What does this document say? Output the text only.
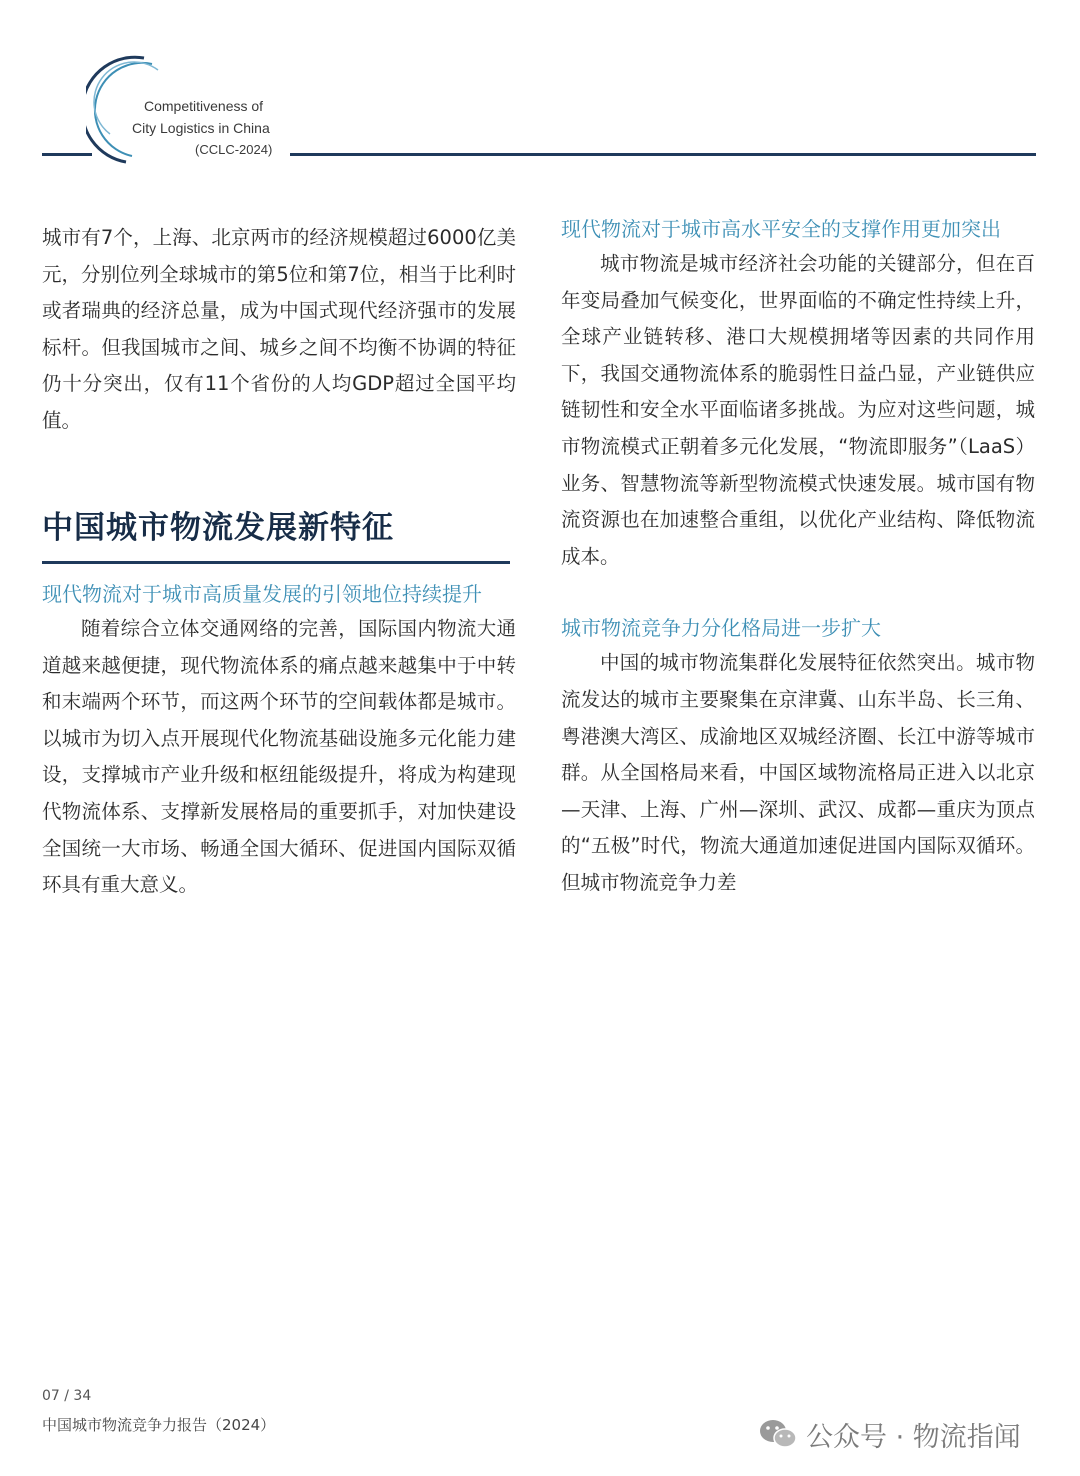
Competitiveness of
City Logistics in China
(CCLC-2024)

城市有7个，上海、北京两市的经济规模超过6000亿美元，分别位列全球城市的第5位和第7位，相当于比利时或者瑞典的经济总量，成为中国式现代经济强市的发展标杆。但我国城市之间、城乡之间不均衡不协调的特征仍十分突出，仅有11个省份的人均GDP超过全国平均值。

中国城市物流发展新特征

现代物流对于城市高质量发展的引领地位持续提升

随着综合立体交通网络的完善，国际国内物流大通道越来越便捷，现代物流体系的痛点越来越集中于中转和末端两个环节，而这两个环节的空间载体都是城市。以城市为切入点开展现代化物流基础设施多元化能力建设，支撑城市产业升级和枢纽能级提升，将成为构建现代物流体系、支撑新发展格局的重要抓手，对加快建设全国统一大市场、畅通全国大循环、促进国内国际双循环具有重大意义。

现代物流对于城市高水平安全的支撑作用更加突出

城市物流是城市经济社会功能的关键部分，但在百年变局叠加气候变化，世界面临的不确定性持续上升，全球产业链转移、港口大规模拥堵等因素的共同作用下，我国交通物流体系的脆弱性日益凸显，产业链供应链韧性和安全水平面临诸多挑战。为应对这些问题，城市物流模式正朝着多元化发展，“物流即服务”（LaaS）业务、智慧物流等新型物流模式快速发展。城市国有物流资源也在加速整合重组，以优化产业结构、降低物流成本。

城市物流竞争力分化格局进一步扩大

中国的城市物流集群化发展特征依然突出。城市物流发达的城市主要聚集在京津冀、山东半岛、长三角、粤港澳大湾区、成渝地区双城经济圈、长江中游等城市群。从全国格局来看，中国区域物流格局正进入以北京—天津、上海、广州—深圳、武汉、成都—重庆为顶点的“五极”时代，物流大通道加速促进国内国际双循环。但城市物流竞争力差

07 / 34
中国城市物流竞争力报告（2024）	公众号 · 物流指闻
